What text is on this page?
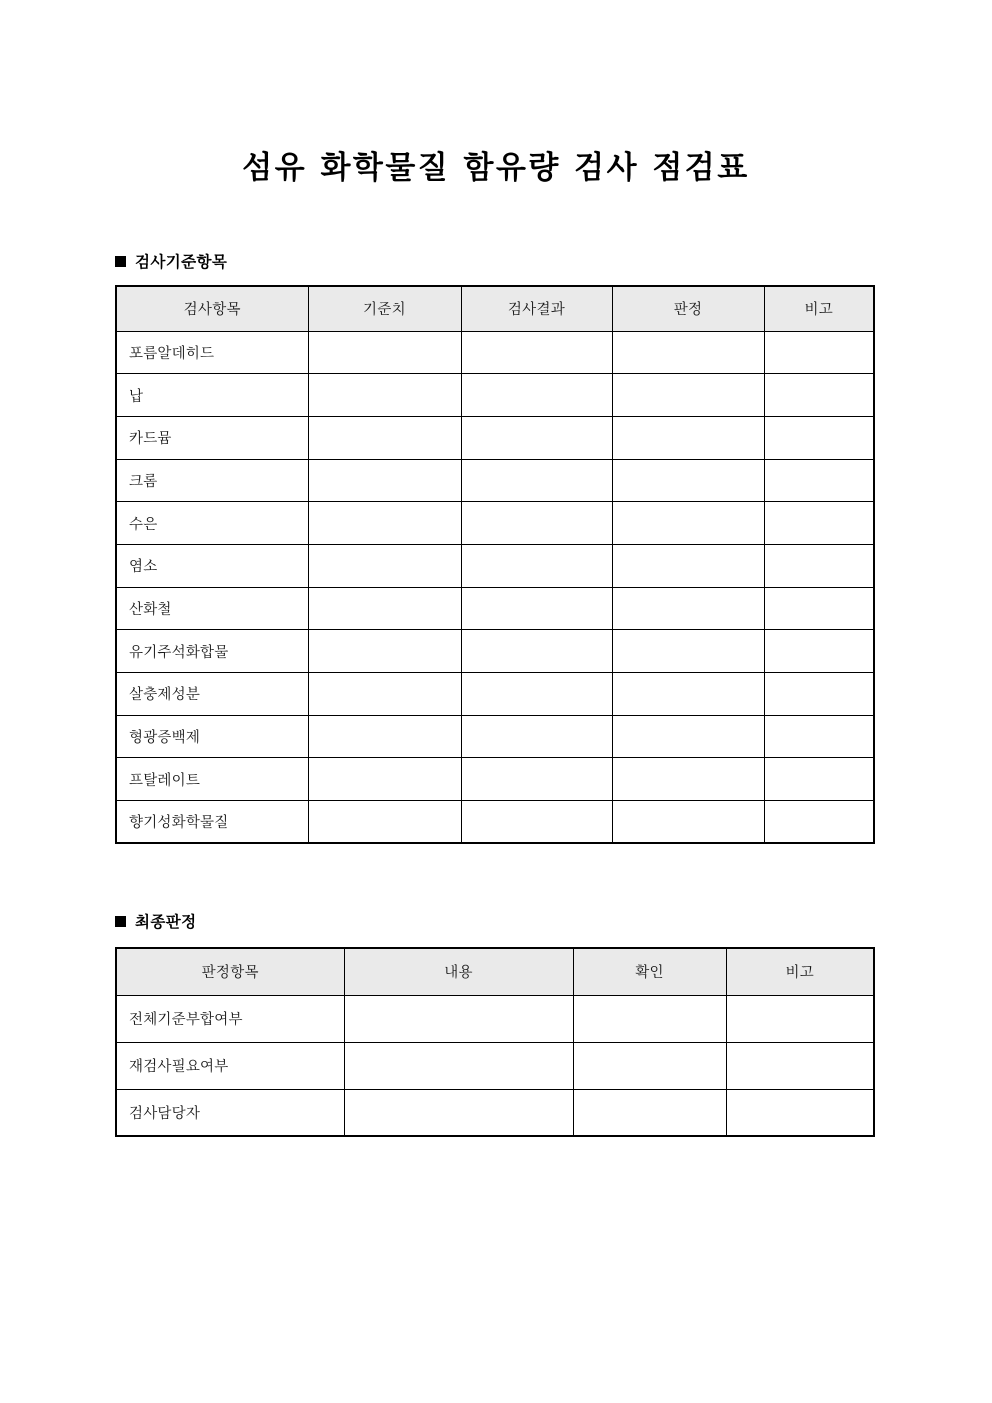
섬유 화학물질 함유량 검사 점검표
검사기준항목
검사항목	기준치	검사결과	판정	비고
포름알데히드				
납				
카드뮴				
크롬				
수은				
염소				
산화철				
유기주석화합물				
살충제성분				
형광증백제				
프탈레이트				
향기성화학물질				
최종판정
판정항목	내용	확인	비고
전체기준부합여부			
재검사필요여부			
검사담당자			
